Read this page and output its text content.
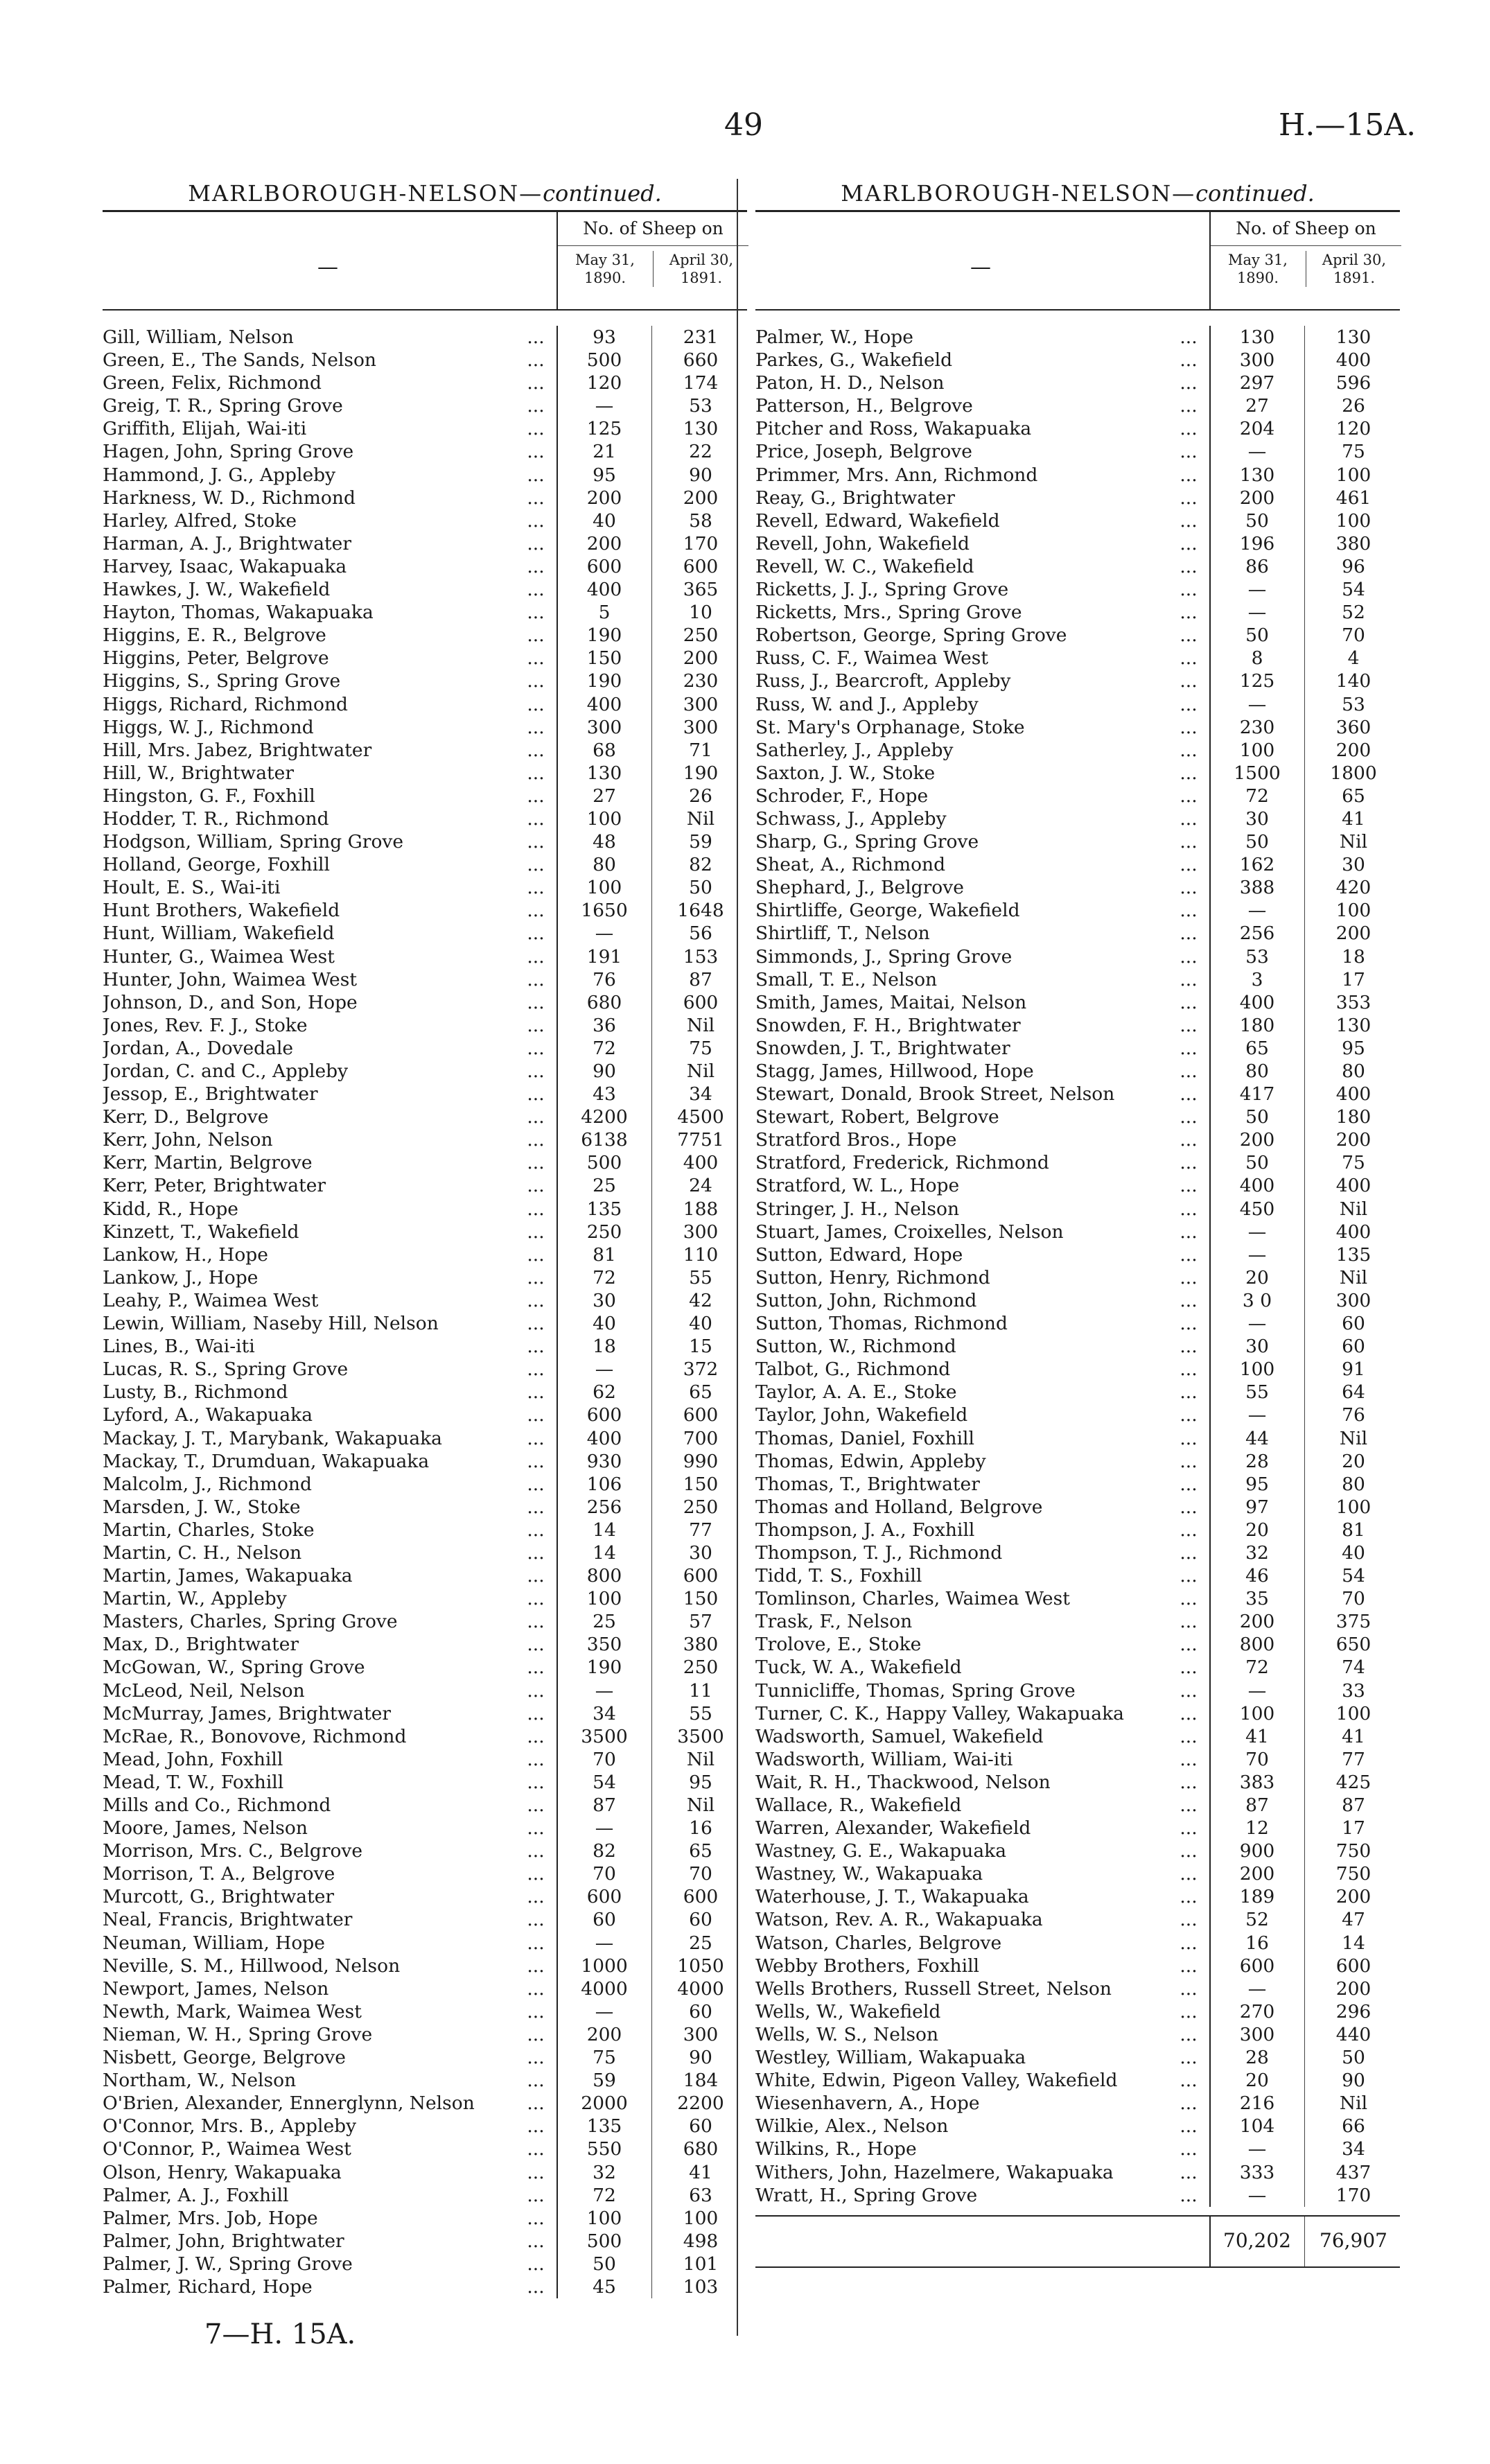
49	H.—15A.
MARLBOROUGH-NELSON—continued.
—
No. of Sheep on
May 31, 1890.
April 30, 1891.
Gill, William, Nelson	...	93	231
Green, E., The Sands, Nelson	...	500	660
Green, Felix, Richmond	...	120	174
Greig, T. R., Spring Grove	...	—	53
Griffith, Elijah, Wai-iti	...	125	130
Hagen, John, Spring Grove	...	21	22
Hammond, J. G., Appleby	...	95	90
Harkness, W. D., Richmond	...	200	200
Harley, Alfred, Stoke	...	40	58
Harman, A. J., Brightwater	...	200	170
Harvey, Isaac, Wakapuaka	...	600	600
Hawkes, J. W., Wakefield	...	400	365
Hayton, Thomas, Wakapuaka	...	5	10
Higgins, E. R., Belgrove	...	190	250
Higgins, Peter, Belgrove	...	150	200
Higgins, S., Spring Grove	...	190	230
Higgs, Richard, Richmond	...	400	300
Higgs, W. J., Richmond	...	300	300
Hill, Mrs. Jabez, Brightwater	...	68	71
Hill, W., Brightwater	...	130	190
Hingston, G. F., Foxhill	...	27	26
Hodder, T. R., Richmond	...	100	Nil
Hodgson, William, Spring Grove	...	48	59
Holland, George, Foxhill	...	80	82
Hoult, E. S., Wai-iti	...	100	50
Hunt Brothers, Wakefield	...	1650	1648
Hunt, William, Wakefield	...	—	56
Hunter, G., Waimea West	...	191	153
Hunter, John, Waimea West	...	76	87
Johnson, D., and Son, Hope	...	680	600
Jones, Rev. F. J., Stoke	...	36	Nil
Jordan, A., Dovedale	...	72	75
Jordan, C. and C., Appleby	...	90	Nil
Jessop, E., Brightwater	...	43	34
Kerr, D., Belgrove	...	4200	4500
Kerr, John, Nelson	...	6138	7751
Kerr, Martin, Belgrove	...	500	400
Kerr, Peter, Brightwater	...	25	24
Kidd, R., Hope	...	135	188
Kinzett, T., Wakefield	...	250	300
Lankow, H., Hope	...	81	110
Lankow, J., Hope	...	72	55
Leahy, P., Waimea West	...	30	42
Lewin, William, Naseby Hill, Nelson	...	40	40
Lines, B., Wai-iti	...	18	15
Lucas, R. S., Spring Grove	...	—	372
Lusty, B., Richmond	...	62	65
Lyford, A., Wakapuaka	...	600	600
Mackay, J. T., Marybank, Wakapuaka	...	400	700
Mackay, T., Drumduan, Wakapuaka	...	930	990
Malcolm, J., Richmond	...	106	150
Marsden, J. W., Stoke	...	256	250
Martin, Charles, Stoke	...	14	77
Martin, C. H., Nelson	...	14	30
Martin, James, Wakapuaka	...	800	600
Martin, W., Appleby	...	100	150
Masters, Charles, Spring Grove	...	25	57
Max, D., Brightwater	...	350	380
McGowan, W., Spring Grove	...	190	250
McLeod, Neil, Nelson	...	—	11
McMurray, James, Brightwater	...	34	55
McRae, R., Bonovove, Richmond	...	3500	3500
Mead, John, Foxhill	...	70	Nil
Mead, T. W., Foxhill	...	54	95
Mills and Co., Richmond	...	87	Nil
Moore, James, Nelson	...	—	16
Morrison, Mrs. C., Belgrove	...	82	65
Morrison, T. A., Belgrove	...	70	70
Murcott, G., Brightwater	...	600	600
Neal, Francis, Brightwater	...	60	60
Neuman, William, Hope	...	—	25
Neville, S. M., Hillwood, Nelson	...	1000	1050
Newport, James, Nelson	...	4000	4000
Newth, Mark, Waimea West	...	—	60
Nieman, W. H., Spring Grove	...	200	300
Nisbett, George, Belgrove	...	75	90
Northam, W., Nelson	...	59	184
O'Brien, Alexander, Ennerglynn, Nelson	...	2000	2200
O'Connor, Mrs. B., Appleby	...	135	60
O'Connor, P., Waimea West	...	550	680
Olson, Henry, Wakapuaka	...	32	41
Palmer, A. J., Foxhill	...	72	63
Palmer, Mrs. Job, Hope	...	100	100
Palmer, John, Brightwater	...	500	498
Palmer, J. W., Spring Grove	...	50	101
Palmer, Richard, Hope	...	45	103
MARLBOROUGH-NELSON—continued.
—
No. of Sheep on
May 31, 1890.
April 30, 1891.
Palmer, W., Hope	...	130	130
Parkes, G., Wakefield	...	300	400
Paton, H. D., Nelson	...	297	596
Patterson, H., Belgrove	...	27	26
Pitcher and Ross, Wakapuaka	...	204	120
Price, Joseph, Belgrove	...	—	75
Primmer, Mrs. Ann, Richmond	...	130	100
Reay, G., Brightwater	...	200	461
Revell, Edward, Wakefield	...	50	100
Revell, John, Wakefield	...	196	380
Revell, W. C., Wakefield	...	86	96
Ricketts, J. J., Spring Grove	...	—	54
Ricketts, Mrs., Spring Grove	...	—	52
Robertson, George, Spring Grove	...	50	70
Russ, C. F., Waimea West	...	8	4
Russ, J., Bearcroft, Appleby	...	125	140
Russ, W. and J., Appleby	...	—	53
St. Mary's Orphanage, Stoke	...	230	360
Satherley, J., Appleby	...	100	200
Saxton, J. W., Stoke	...	1500	1800
Schroder, F., Hope	...	72	65
Schwass, J., Appleby	...	30	41
Sharp, G., Spring Grove	...	50	Nil
Sheat, A., Richmond	...	162	30
Shephard, J., Belgrove	...	388	420
Shirtliffe, George, Wakefield	...	—	100
Shirtliff, T., Nelson	...	256	200
Simmonds, J., Spring Grove	...	53	18
Small, T. E., Nelson	...	3	17
Smith, James, Maitai, Nelson	...	400	353
Snowden, F. H., Brightwater	...	180	130
Snowden, J. T., Brightwater	...	65	95
Stagg, James, Hillwood, Hope	...	80	80
Stewart, Donald, Brook Street, Nelson	...	417	400
Stewart, Robert, Belgrove	...	50	180
Stratford Bros., Hope	...	200	200
Stratford, Frederick, Richmond	...	50	75
Stratford, W. L., Hope	...	400	400
Stringer, J. H., Nelson	...	450	Nil
Stuart, James, Croixelles, Nelson	...	—	400
Sutton, Edward, Hope	...	—	135
Sutton, Henry, Richmond	...	20	Nil
Sutton, John, Richmond	...	3 0	300
Sutton, Thomas, Richmond	...	—	60
Sutton, W., Richmond	...	30	60
Talbot, G., Richmond	...	100	91
Taylor, A. A. E., Stoke	...	55	64
Taylor, John, Wakefield	...	—	76
Thomas, Daniel, Foxhill	...	44	Nil
Thomas, Edwin, Appleby	...	28	20
Thomas, T., Brightwater	...	95	80
Thomas and Holland, Belgrove	...	97	100
Thompson, J. A., Foxhill	...	20	81
Thompson, T. J., Richmond	...	32	40
Tidd, T. S., Foxhill	...	46	54
Tomlinson, Charles, Waimea West	...	35	70
Trask, F., Nelson	...	200	375
Trolove, E., Stoke	...	800	650
Tuck, W. A., Wakefield	...	72	74
Tunnicliffe, Thomas, Spring Grove	...	—	33
Turner, C. K., Happy Valley, Wakapuaka	...	100	100
Wadsworth, Samuel, Wakefield	...	41	41
Wadsworth, William, Wai-iti	...	70	77
Wait, R. H., Thackwood, Nelson	...	383	425
Wallace, R., Wakefield	...	87	87
Warren, Alexander, Wakefield	...	12	17
Wastney, G. E., Wakapuaka	...	900	750
Wastney, W., Wakapuaka	...	200	750
Waterhouse, J. T., Wakapuaka	...	189	200
Watson, Rev. A. R., Wakapuaka	...	52	47
Watson, Charles, Belgrove	...	16	14
Webby Brothers, Foxhill	...	600	600
Wells Brothers, Russell Street, Nelson	...	—	200
Wells, W., Wakefield	...	270	296
Wells, W. S., Nelson	...	300	440
Westley, William, Wakapuaka	...	28	50
White, Edwin, Pigeon Valley, Wakefield	...	20	90
Wiesenhavern, A., Hope	...	216	Nil
Wilkie, Alex., Nelson	...	104	66
Wilkins, R., Hope	...	—	34
Withers, John, Hazelmere, Wakapuaka	...	333	437
Wratt, H., Spring Grove	...	—	170
70,202	76,907
7—H. 15A.
